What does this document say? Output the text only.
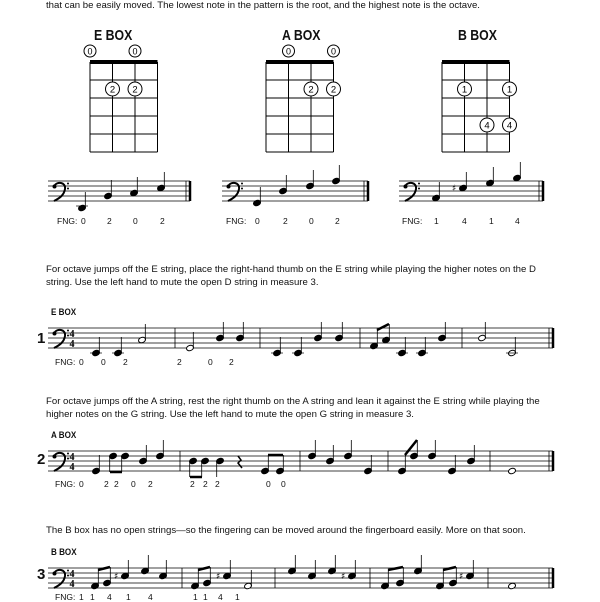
that can be easily moved. The lowest note in the pattern is the root, and the highest note is the octave.

E BOX	A BOX	B BOX
0	0
2 2
0	0
2 2	1	1
4 4
♯
FNG: 0	2	0	2	FNG: 0	2	0	2	FNG: 1	4	1	4

For octave jumps off the E string, place the right-hand thumb on the E string while playing the higher notes on the D string. Use the left hand to mute the open D string in measure 3.

E BOX
1

For octave jumps off the A string, rest the right thumb on the A string and lean it against the E string while playing the higher notes on the G string. Use the left hand to mute the open G string in measure 3.

A BOX
2

The B box has no open strings—so the fingering can be moved around the fingerboard easily. More on that soon.

B BOX
3
4
4
4
4
4
4
♯	♯	♯	♯
FNG: 0 0 2	2	0 2
FNG: 0 2 2 0 2	2 2 2	0 0
FNG: 1 1 4 1 4	1 1 4 1
